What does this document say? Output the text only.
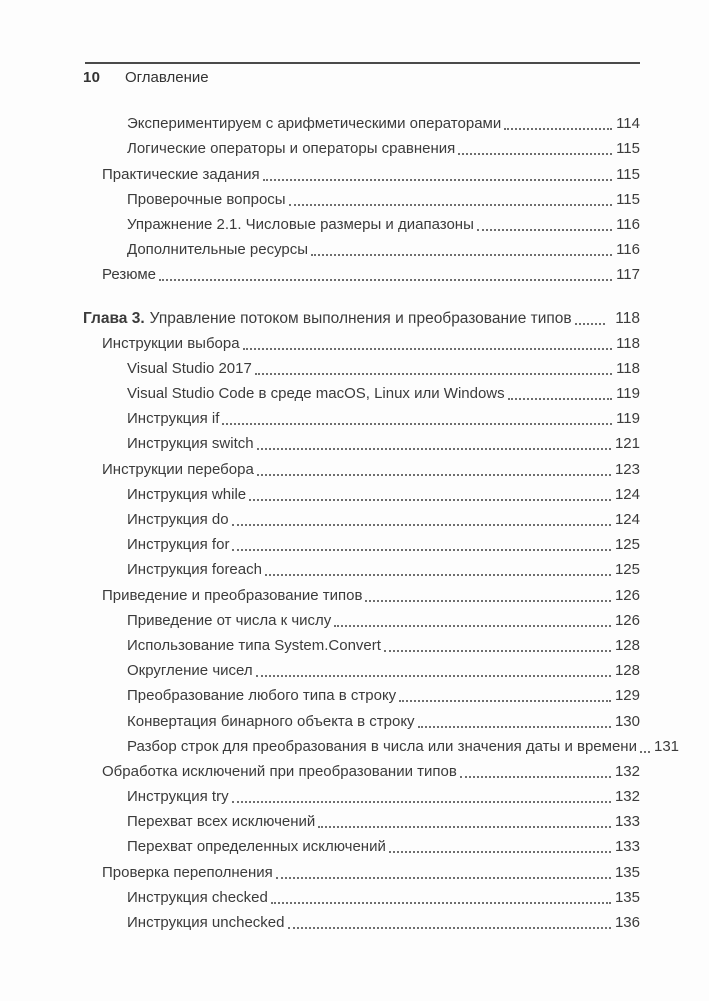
10 Оглавление
Экспериментируем с арифметическими операторами	114
Логические операторы и операторы сравнения	115
Практические задания	115
Проверочные вопросы	115
Упражнение 2.1. Числовые размеры и диапазоны	116
Дополнительные ресурсы	116
Резюме	117
Глава 3. Управление потоком выполнения и преобразование типов	118
Инструкции выбора	118
Visual Studio 2017	118
Visual Studio Code в среде macOS, Linux или Windows	119
Инструкция if	119
Инструкция switch	121
Инструкции перебора	123
Инструкция while	124
Инструкция do	124
Инструкция for	125
Инструкция foreach	125
Приведение и преобразование типов	126
Приведение от числа к числу	126
Использование типа System.Convert	128
Округление чисел	128
Преобразование любого типа в строку	129
Конвертация бинарного объекта в строку	130
Разбор строк для преобразования в числа или значения даты и времени 131
Обработка исключений при преобразовании типов	132
Инструкция try	132
Перехват всех исключений	133
Перехват определенных исключений	133
Проверка переполнения	135
Инструкция checked	135
Инструкция unchecked	136
